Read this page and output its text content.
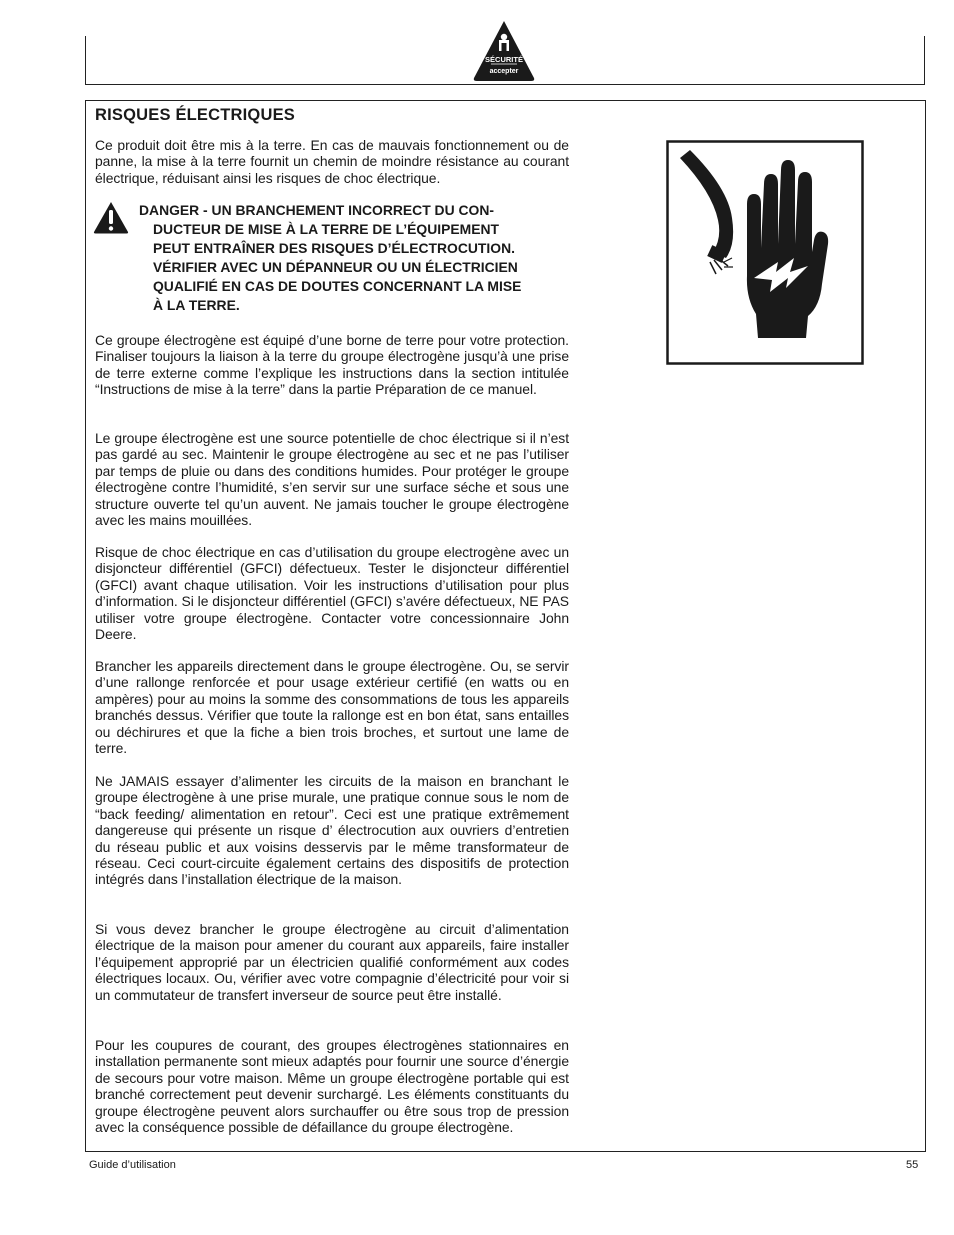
SÉCURITÉ
accepter
RISQUES ÉLECTRIQUES

Ce produit doit être mis à la terre. En cas de mauvais fonctionnement ou de panne, la mise à la terre fournit un chemin de moindre résistance au courant électrique, réduisant ainsi les risques de choc électrique.

DANGER - UN BRANCHEMENT INCORRECT DU CON-
DUCTEUR DE MISE À LA TERRE DE L’ÉQUIPEMENT
PEUT ENTRAÎNER DES RISQUES D’ÉLECTROCUTION.
VÉRIFIER AVEC UN DÉPANNEUR OU UN ÉLECTRICIEN
QUALIFIÉ EN CAS DE DOUTES CONCERNANT LA MISE
À LA TERRE.

Ce groupe électrogène est équipé d’une borne de terre pour votre protection. Finaliser toujours la liaison à la terre du groupe électrogène jusqu’à une prise de terre externe comme l’explique les instructions dans la section intitulée “Instructions de mise à la terre” dans la partie Préparation de ce manuel.

Le groupe électrogène est une source potentielle de choc électrique si il n’est pas gardé au sec. Maintenir le groupe électrogène au sec et ne pas l’utiliser par temps de pluie ou dans des conditions humides. Pour protéger le groupe électrogène contre l’humidité, s’en servir sur une surface séche et sous une structure ouverte tel qu’un auvent. Ne jamais toucher le groupe électrogène avec les mains mouillées.

Risque de choc électrique en cas d’utilisation du groupe electrogène avec un disjoncteur différentiel (GFCI) défectueux. Tester le disjoncteur différentiel (GFCI) avant chaque utilisation. Voir les instructions d’utilisation pour plus d’information. Si le disjoncteur différentiel (GFCI) s’avére défectueux, NE PAS utiliser votre groupe électrogène. Contacter votre concessionnaire John Deere.

Brancher les appareils directement dans le groupe électrogène. Ou, se servir d’une rallonge renforcée et pour usage extérieur certifié (en watts ou en ampères) pour au moins la somme des consommations de tous les appareils branchés dessus. Vérifier que toute la rallonge est en bon état, sans entailles ou déchirures et que la fiche a bien trois broches, et surtout une lame de terre.

Ne JAMAIS essayer d’alimenter les circuits de la maison en branchant le groupe électrogène à une prise murale, une pratique connue sous le nom de “back feeding/ alimentation en retour”. Ceci est une pratique extrêmement dangereuse qui présente un risque d’ électrocution aux ouvriers d’entretien du réseau public et aux voisins desservis par le même transformateur de réseau. Ceci court-circuite également certains des dispositifs de protection intégrés dans l’installation électrique de la maison.

Si vous devez brancher le groupe électrogène au circuit d’alimentation électrique de la maison pour amener du courant aux appareils, faire installer l’équipement approprié par un électricien qualifié conformément aux codes électriques locaux. Ou, vérifier avec votre compagnie d’électricité pour voir si un commutateur de transfert inverseur de source peut être installé.

Pour les coupures de courant, des groupes électrogènes stationnaires en installation permanente sont mieux adaptés pour fournir une source d’énergie de secours pour votre maison. Même un groupe électrogène portable qui est branché correctement peut devenir surchargé. Les éléments constituants du groupe électrogène peuvent alors surchauffer ou être sous trop de pression avec la conséquence possible de défaillance du groupe électrogène.

Guide d’utilisation	55
